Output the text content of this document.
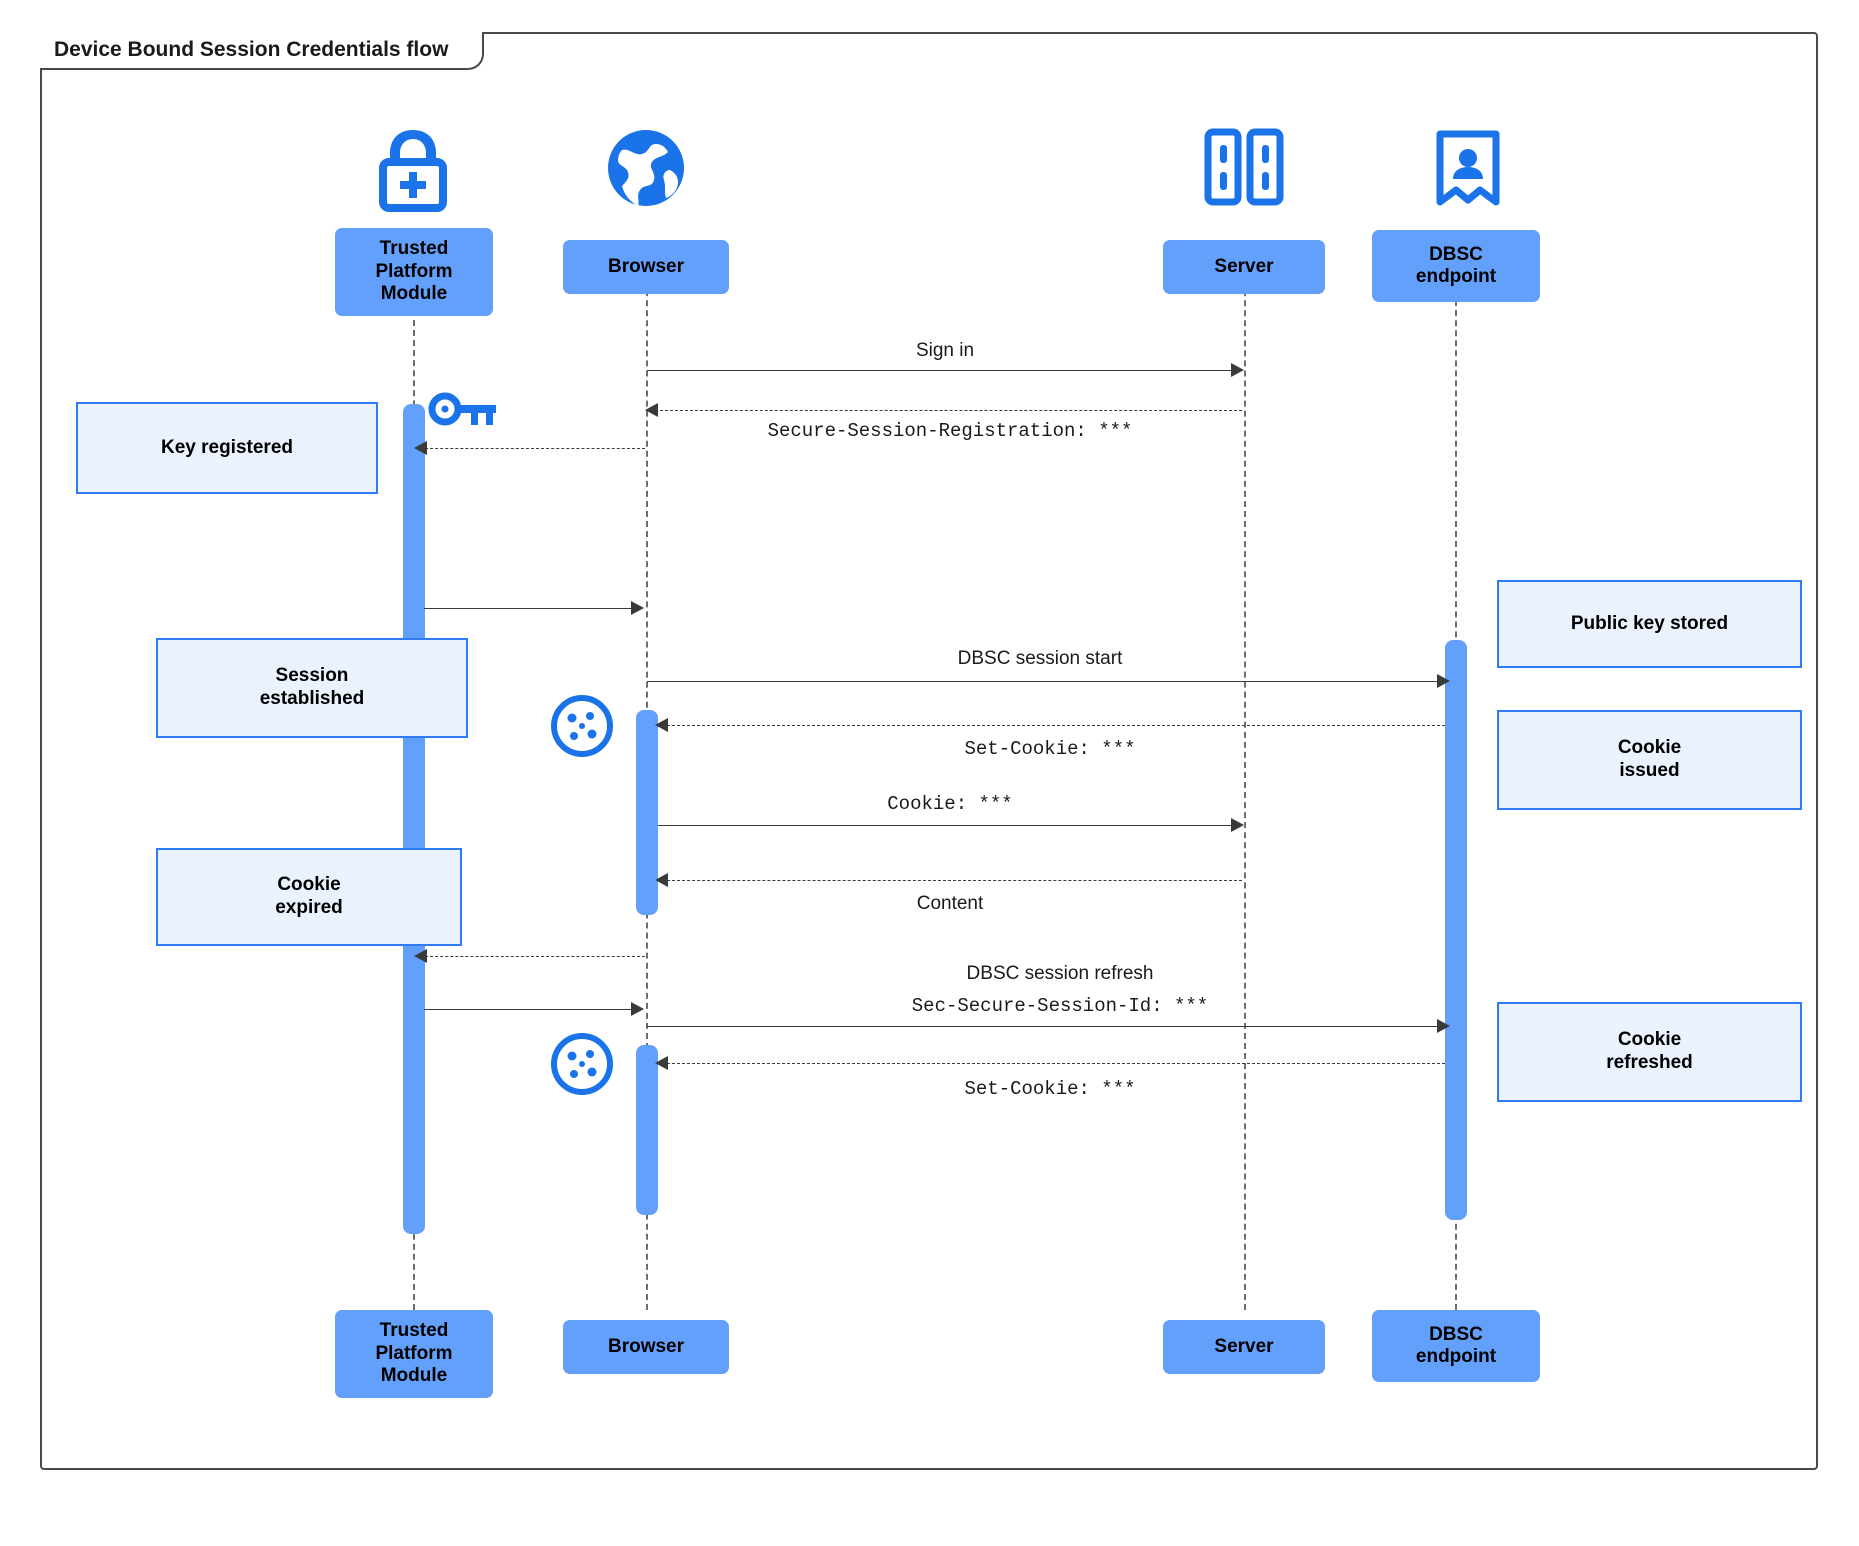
Device Bound Session Credentials flow
Trusted
Platform
Module
Browser	Server
DBSC
endpoint
Sign in
Secure-Session-Registration: ***
Key registered
DBSC session start
Public key stored
Session
established
Set-Cookie: ***	Cookie
issued
Cookie: ***
Content
Cookie
expired
DBSC session refresh
Sec-Secure-Session-Id: ***
Cookie
refreshed
Set-Cookie: ***
Trusted
Platform
Module
Browser	Server
DBSC
endpoint
